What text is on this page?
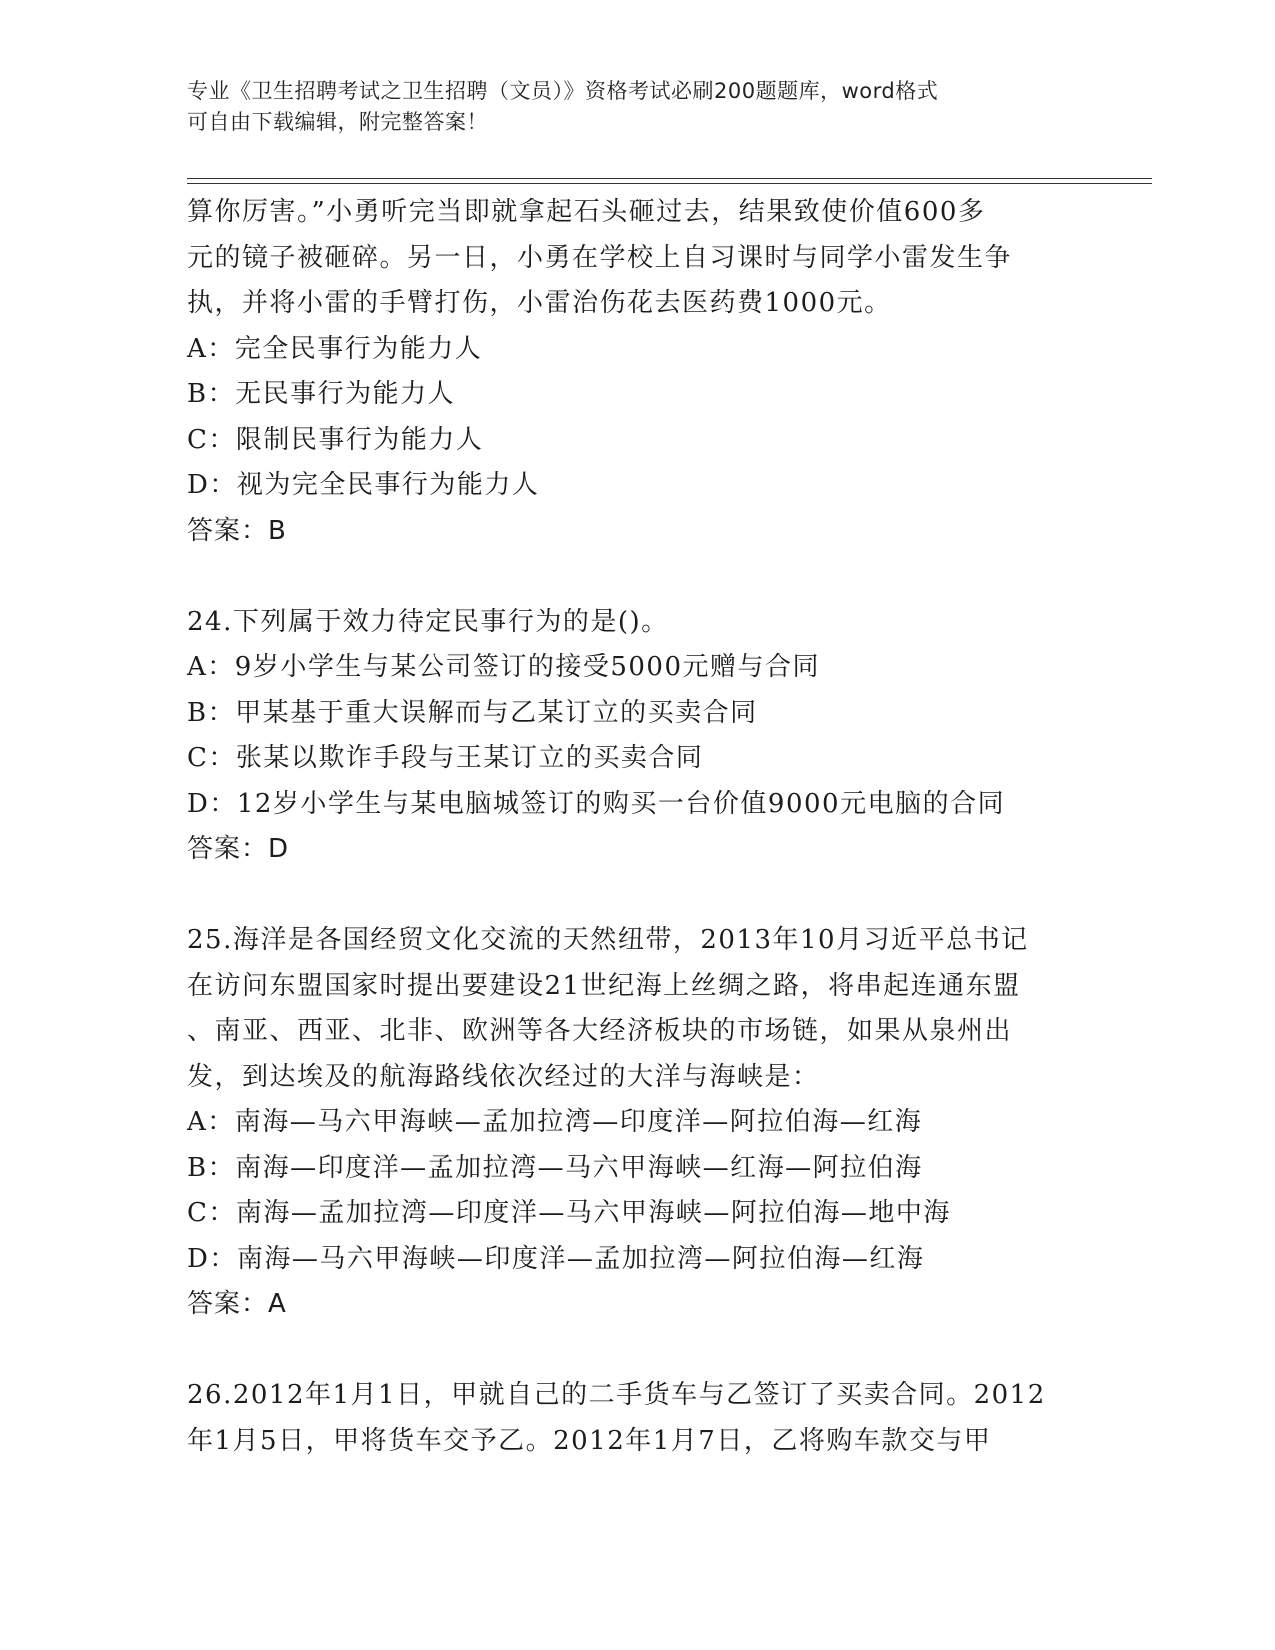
专业《卫生招聘考试之卫生招聘（文员）》资格考试必刷200题题库，word格式
可自由下载编辑，附完整答案！
算你厉害。”小勇听完当即就拿起石头砸过去，结果致使价值600多
元的镜子被砸碎。另一日，小勇在学校上自习课时与同学小雷发生争
执，并将小雷的手臂打伤，小雷治伤花去医药费1000元。
A：完全民事行为能力人
B：无民事行为能力人
C：限制民事行为能力人
D：视为完全民事行为能力人
答案：B
24.下列属于效力待定民事行为的是()。
A：9岁小学生与某公司签订的接受5000元赠与合同
B：甲某基于重大误解而与乙某订立的买卖合同
C：张某以欺诈手段与王某订立的买卖合同
D：12岁小学生与某电脑城签订的购买一台价值9000元电脑的合同
答案：D
25.海洋是各国经贸文化交流的天然纽带，2013年10月习近平总书记
在访问东盟国家时提出要建设21世纪海上丝绸之路，将串起连通东盟
、南亚、西亚、北非、欧洲等各大经济板块的市场链，如果从泉州出
发，到达埃及的航海路线依次经过的大洋与海峡是：
A：南海—马六甲海峡—孟加拉湾—印度洋—阿拉伯海—红海
B：南海—印度洋—孟加拉湾—马六甲海峡—红海—阿拉伯海
C：南海—孟加拉湾—印度洋—马六甲海峡—阿拉伯海—地中海
D：南海—马六甲海峡—印度洋—孟加拉湾—阿拉伯海—红海
答案：A
26.2012年1月1日，甲就自己的二手货车与乙签订了买卖合同。2012
年1月5日，甲将货车交予乙。2012年1月7日，乙将购车款交与甲
